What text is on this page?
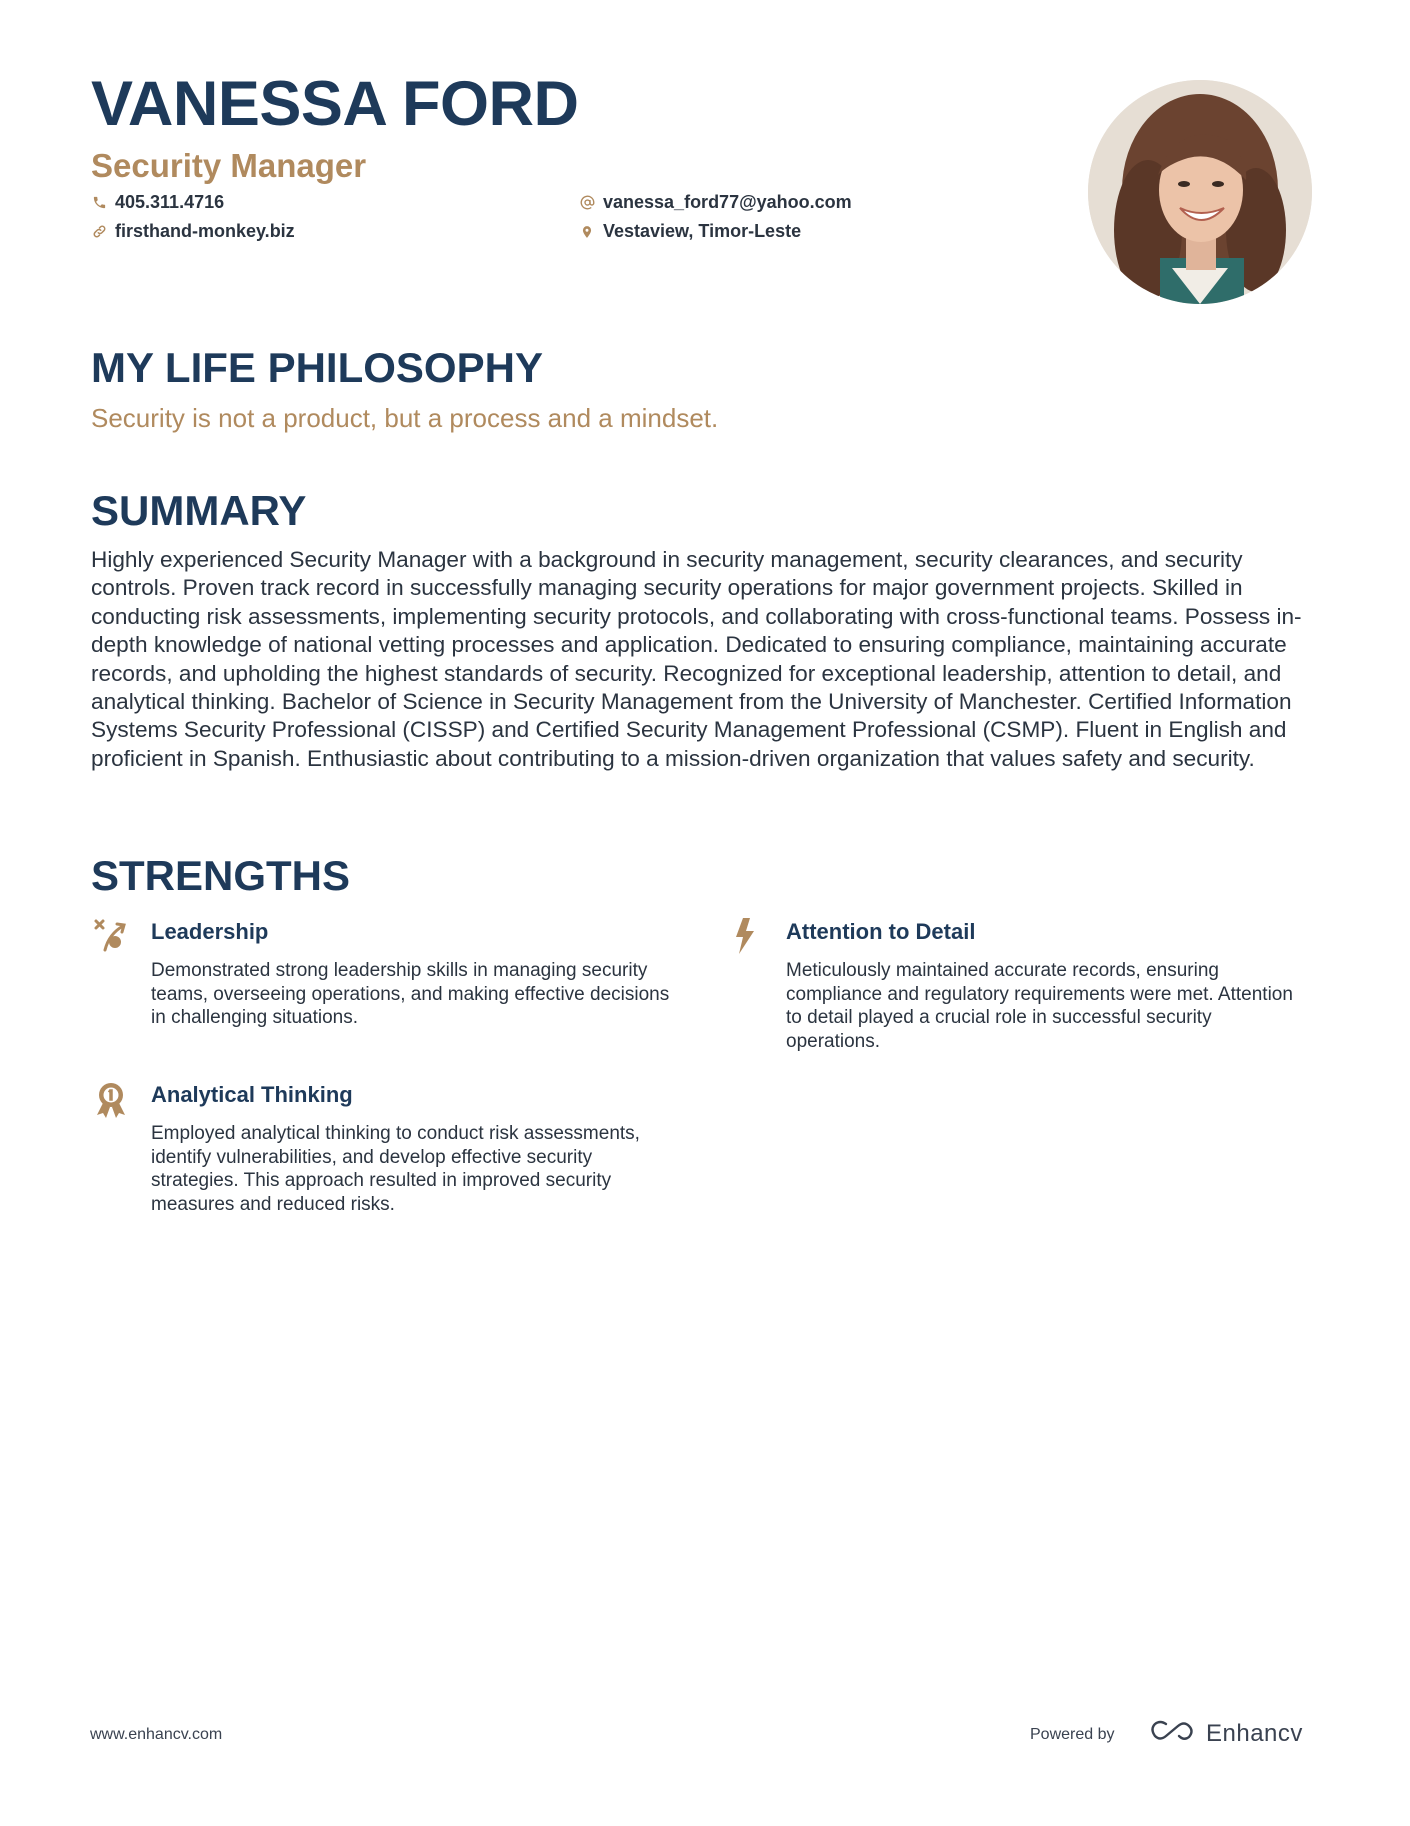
VANESSA FORD

Security Manager

405.311.4716
firsthand-monkey.biz
vanessa_ford77@yahoo.com
Vestaview, Timor-Leste
MY LIFE PHILOSOPHY

Security is not a product, but a process and a mindset.

SUMMARY

Highly experienced Security Manager with a background in security management, security clearances, and security controls. Proven track record in successfully managing security operations for major government projects. Skilled in conducting risk assessments, implementing security protocols, and collaborating with cross-functional teams. Possess in-depth knowledge of national vetting processes and application. Dedicated to ensuring compliance, maintaining accurate records, and upholding the highest standards of security. Recognized for exceptional leadership, attention to detail, and analytical thinking. Bachelor of Science in Security Management from the University of Manchester. Certified Information Systems Security Professional (CISSP) and Certified Security Management Professional (CSMP). Fluent in English and proficient in Spanish. Enthusiastic about contributing to a mission-driven organization that values safety and security.

STRENGTHS

Leadership

Demonstrated strong leadership skills in managing security teams, overseeing operations, and making effective decisions in challenging situations.

Attention to Detail

Meticulously maintained accurate records, ensuring compliance and regulatory requirements were met. Attention to detail played a crucial role in successful security operations.

Analytical Thinking

Employed analytical thinking to conduct risk assessments, identify vulnerabilities, and develop effective security strategies. This approach resulted in improved security measures and reduced risks.

www.enhancv.com	Powered by	Enhancv
